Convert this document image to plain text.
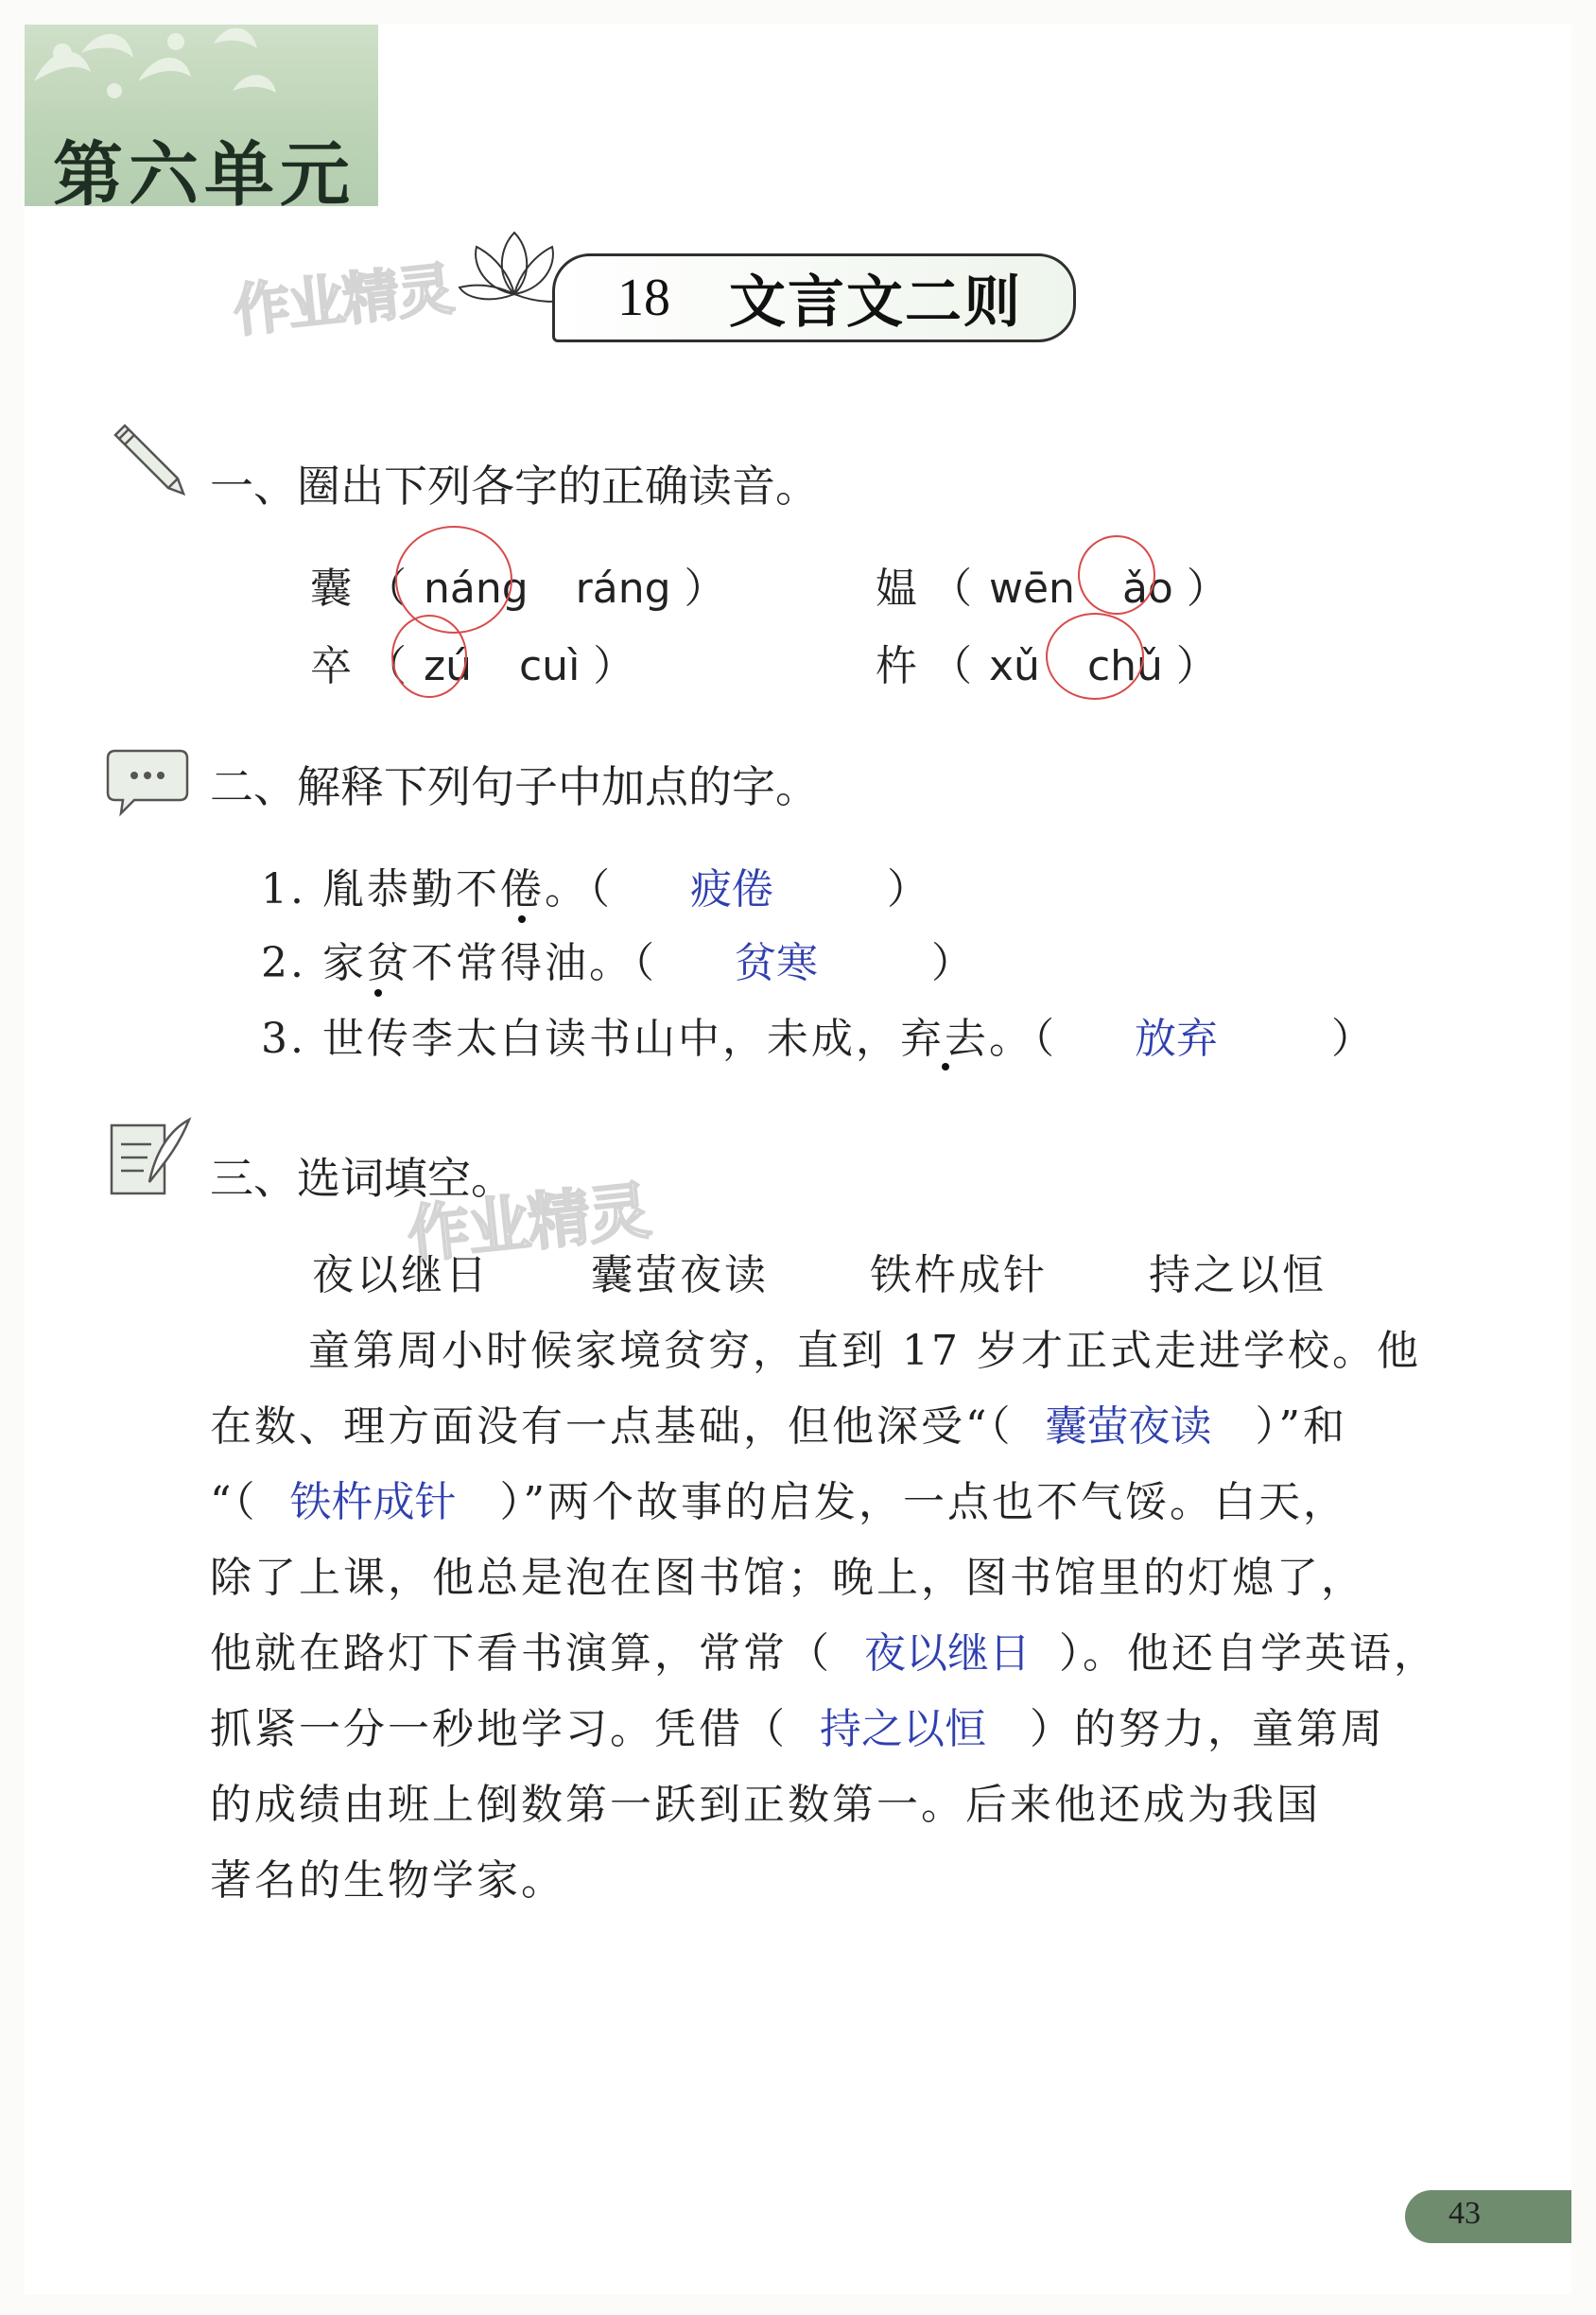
第六单元
18 文言文二则
作业精灵
作业精灵
一、圈出下列各字的正确读音。
囊 （ náng ráng ）	媪 （ wēn ǎo ）
卒 （ zú cuì ）	杵 （ xǔ chǔ ）
二、解释下列句子中加点的字。
1. 胤恭勤不倦。（ 疲倦	）
2. 家贫不常得油。（ 贫寒	）
3. 世传李太白读书山中，未成，弃去。（ 放弃	）
三、选词填空。
夜以继日 囊萤夜读 铁杵成针 持之以恒
童第周小时候家境贫穷，直到 17 岁才正式走进学校。他
在数、理方面没有一点基础，但他深受“（ 囊萤夜读 ）”和
“（ 铁杵成针 ）”两个故事的启发，一点也不气馁。白天，
除了上课，他总是泡在图书馆；晚上，图书馆里的灯熄了，
他就在路灯下看书演算，常常（ 夜以继日 ）。他还自学英语，
抓紧一分一秒地学习。凭借（ 持之以恒 ）的努力，童第周
的成绩由班上倒数第一跃到正数第一。后来他还成为我国
著名的生物学家。
43
